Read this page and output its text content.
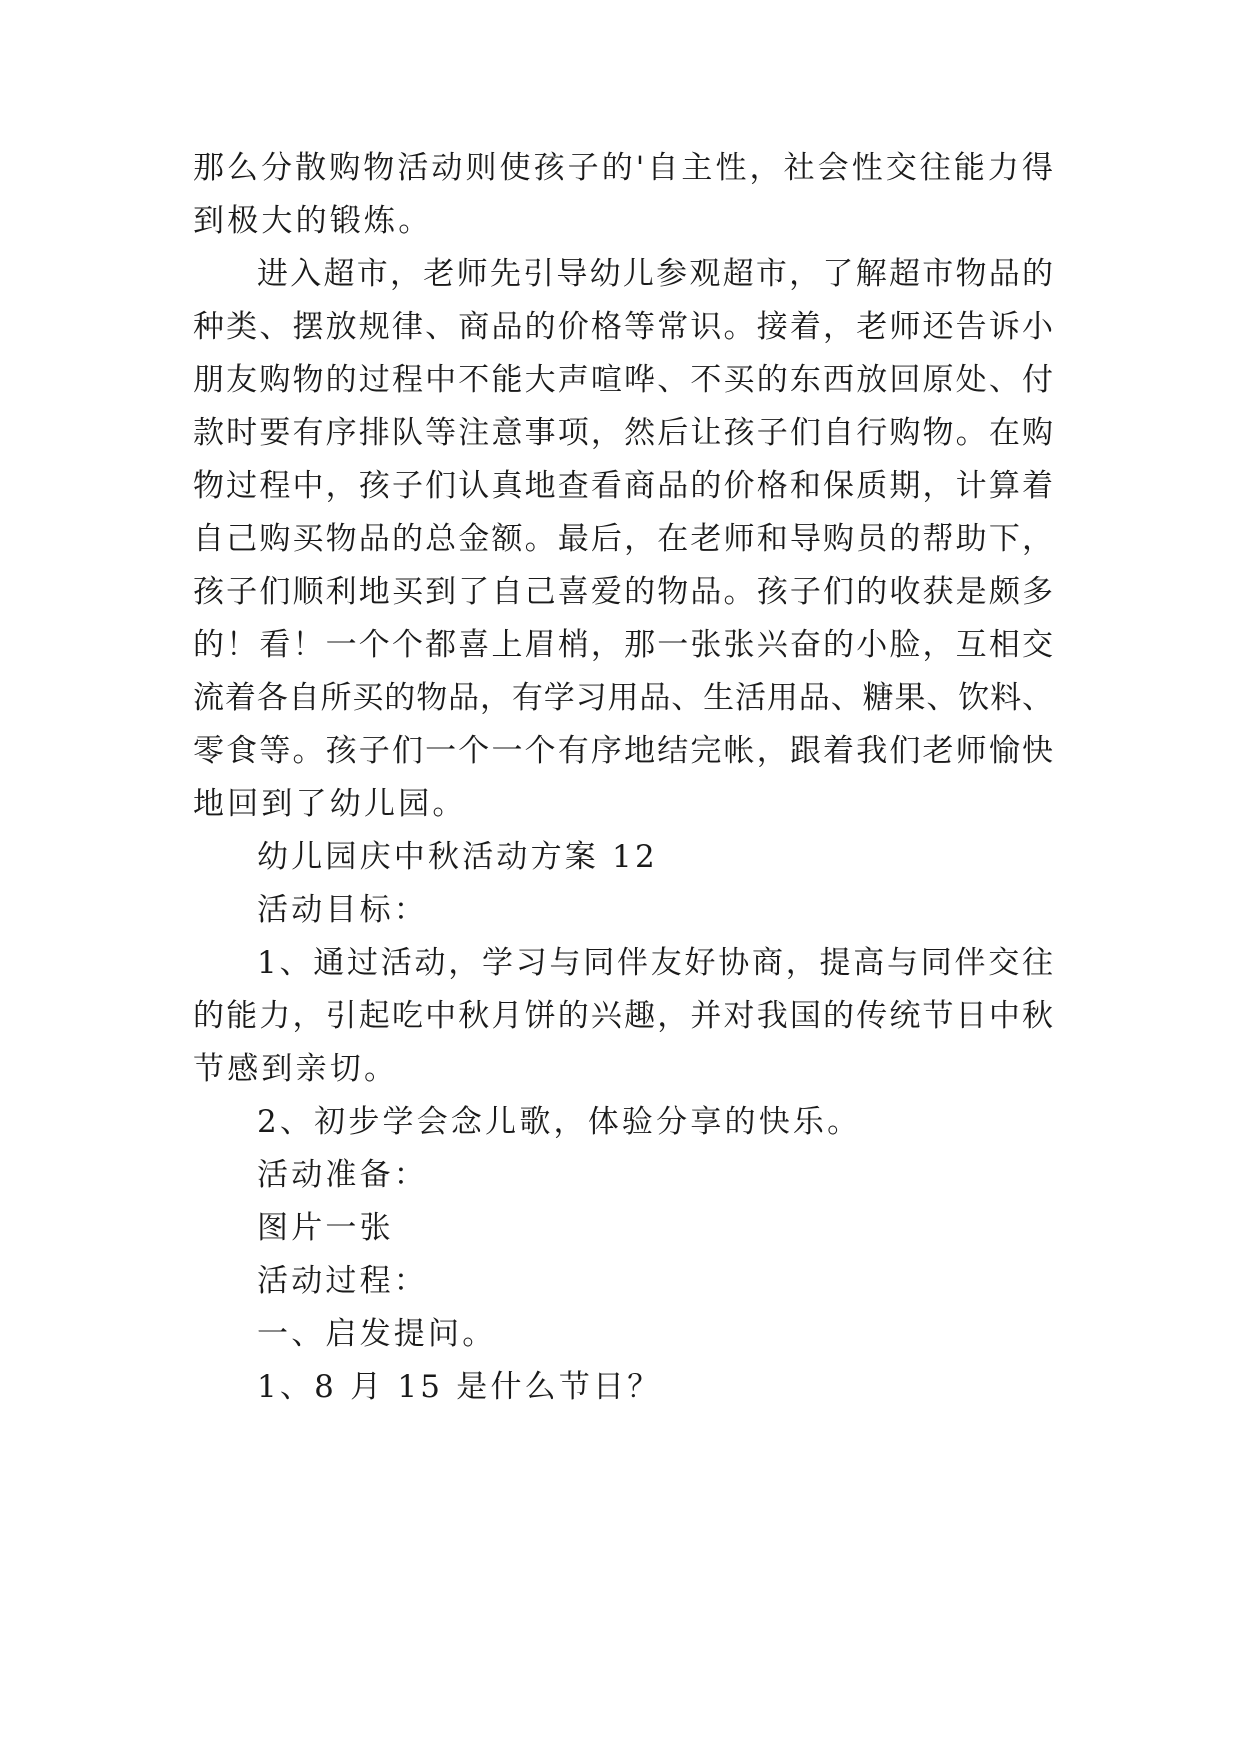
那么分散购物活动则使孩子的'自主性，社会性交往能力得
到极大的锻炼。
进入超市，老师先引导幼儿参观超市，了解超市物品的
种类、摆放规律、商品的价格等常识。接着，老师还告诉小
朋友购物的过程中不能大声喧哗、不买的东西放回原处、付
款时要有序排队等注意事项，然后让孩子们自行购物。在购
物过程中，孩子们认真地查看商品的价格和保质期，计算着
自己购买物品的总金额。最后，在老师和导购员的帮助下，
孩子们顺利地买到了自己喜爱的物品。孩子们的收获是颇多
的！看！一个个都喜上眉梢，那一张张兴奋的小脸，互相交
流着各自所买的物品，有学习用品、生活用品、糖果、饮料、
零食等。孩子们一个一个有序地结完帐，跟着我们老师愉快
地回到了幼儿园。
幼儿园庆中秋活动方案 12
活动目标：
1、通过活动，学习与同伴友好协商，提高与同伴交往
的能力，引起吃中秋月饼的兴趣，并对我国的传统节日中秋
节感到亲切。
2、初步学会念儿歌，体验分享的快乐。
活动准备：
图片一张
活动过程：
一、启发提问。
1、8 月 15 是什么节日？
